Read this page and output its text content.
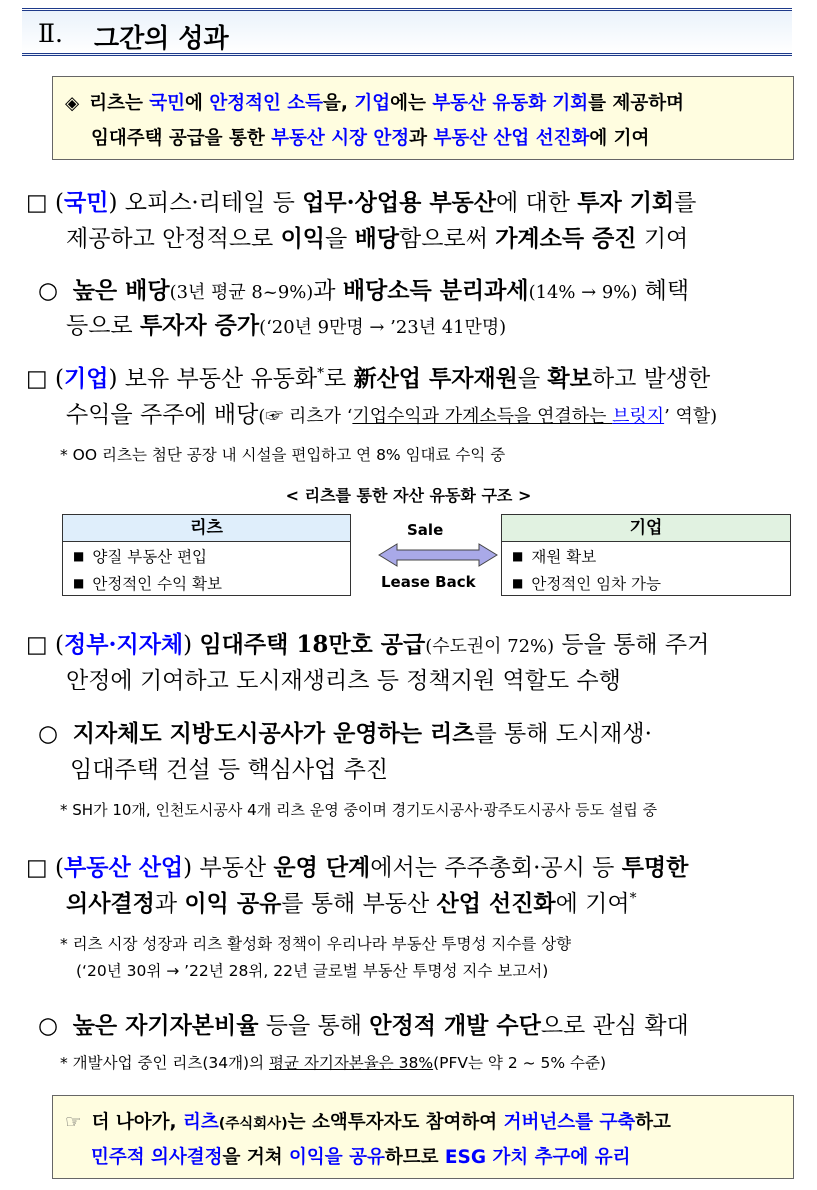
Ⅱ. 그간의 성과
◈ 리츠는 국민에 안정적인 소득을, 기업에는 부동산 유동화 기회를 제공하며
임대주택 공급을 통한 부동산 시장 안정과 부동산 산업 선진화에 기여
□ (국민) 오피스·리테일 등 업무·상업용 부동산에 대한 투자 기회를
제공하고 안정적으로 이익을 배당함으로써 가계소득 증진 기여
○ 높은 배당(3년 평균 8~9%)과 배당소득 분리과세(14% → 9%) 혜택
등으로 투자자 증가(‘20년 9만명 → ’23년 41만명)
□ (기업) 보유 부동산 유동화*로 新산업 투자재원을 확보하고 발생한
수익을 주주에 배당(☞ 리츠가 ‘기업수익과 가계소득을 연결하는 브릿지’ 역할)
* OO 리츠는 첨단 공장 내 시설을 편입하고 연 8% 임대료 수익 중
< 리츠를 통한 자산 유동화 구조 >
리츠
■ 양질 부동산 편입
■ 안정적인 수익 확보
기업
■ 재원 확보
■ 안정적인 임차 가능
Sale
Lease Back
□ (정부·지자체) 임대주택 18만호 공급(수도권이 72%) 등을 통해 주거
안정에 기여하고 도시재생리츠 등 정책지원 역할도 수행
○ 지자체도 지방도시공사가 운영하는 리츠를 통해 도시재생·
임대주택 건설 등 핵심사업 추진
* SH가 10개, 인천도시공사 4개 리츠 운영 중이며 경기도시공사·광주도시공사 등도 설립 중
□ (부동산 산업) 부동산 운영 단계에서는 주주총회·공시 등 투명한
의사결정과 이익 공유를 통해 부동산 산업 선진화에 기여*
* 리츠 시장 성장과 리츠 활성화 정책이 우리나라 부동산 투명성 지수를 상향
(‘20년 30위 → ’22년 28위, 22년 글로벌 부동산 투명성 지수 보고서)
○ 높은 자기자본비율 등을 통해 안정적 개발 수단으로 관심 확대
* 개발사업 중인 리츠(34개)의 평균 자기자본율은 38%(PFV는 약 2 ~ 5% 수준)
☞ 더 나아가, 리츠(주식회사)는 소액투자자도 참여하여 거버넌스를 구축하고
민주적 의사결정을 거쳐 이익을 공유하므로 ESG 가치 추구에 유리
